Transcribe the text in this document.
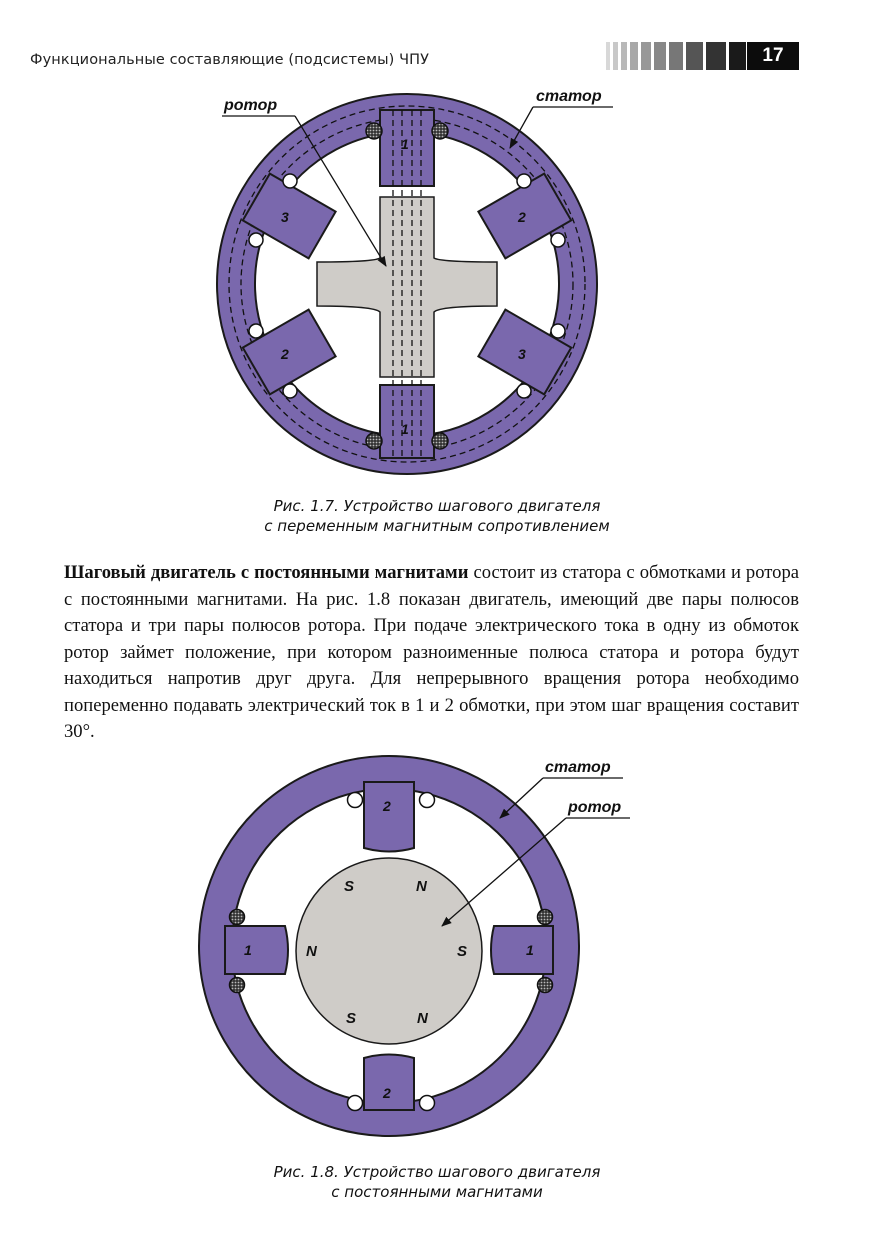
Функциональные составляющие (подсистемы) ЧПУ	17
1
2
3
1
2	3
ротор
статор
Рис. 1.7. Устройство шагового двигателя
с переменным магнитным сопротивлением

Шаговый двигатель с постоянными магнитами состоит из статора с обмотками и ротора с постоянными магнитами. На рис. 1.8 показан двигатель, имеющий две пары полюсов статора и три пары полюсов ротора. При подаче электрического тока в одну из обмоток ротор займет положение, при котором разноименные полюса статора и ротора будут находиться напротив друг друга. Для непрерывного вращения ротора необходимо попеременно подавать электрический ток в 1 и 2 обмотки, при этом шаг вращения составит 30°.

2
1	1
2
S	N
N	S
S	N
статор
ротор
Рис. 1.8. Устройство шагового двигателя
с постоянными магнитами
